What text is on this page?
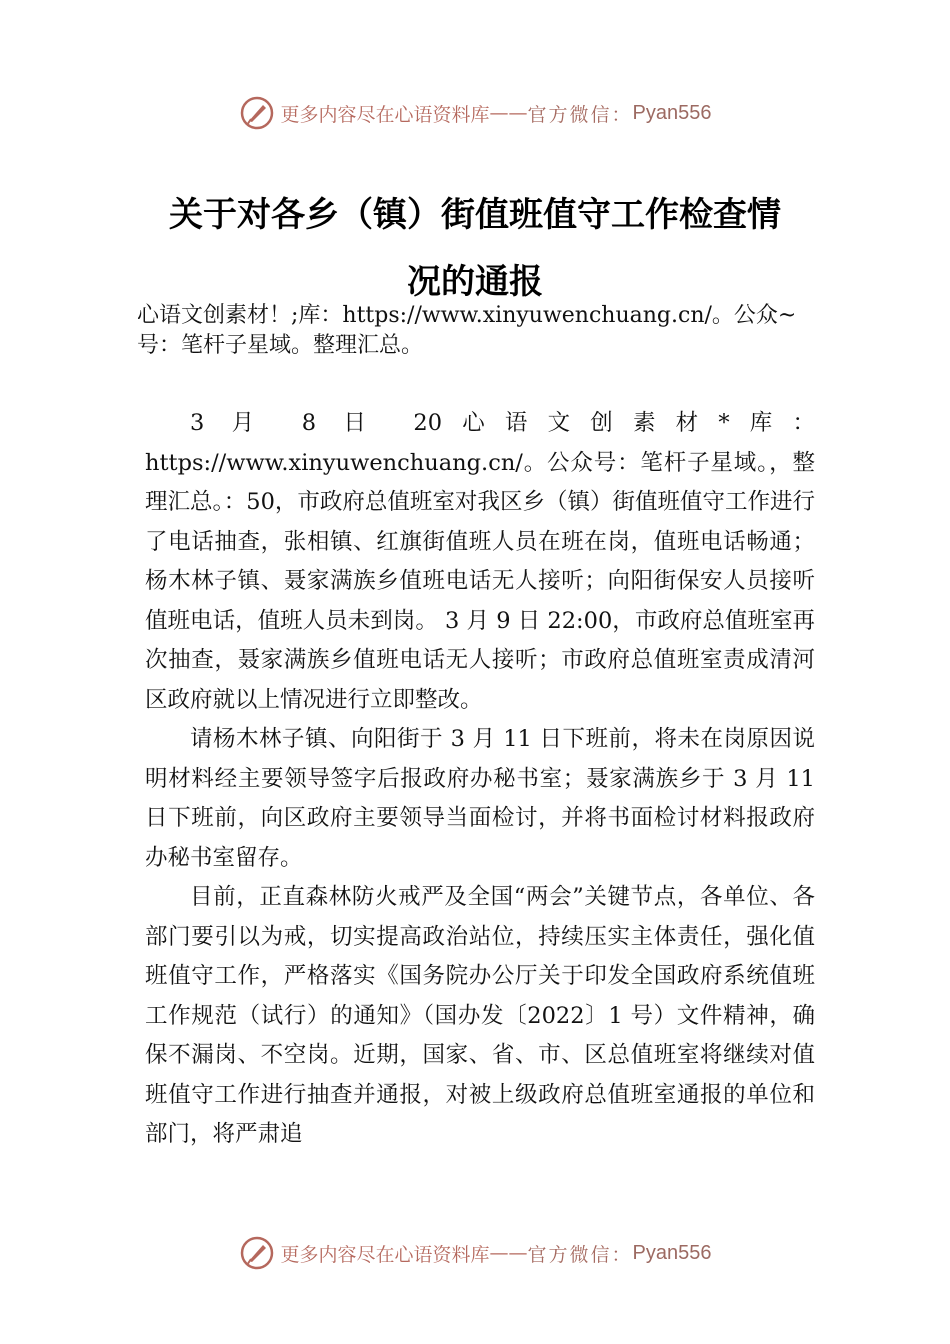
更多内容尽在心语资料库 —— 官方微信： Pyan556
关于对各乡（镇）街值班值守工作检查情
况的通报

心语文创素材！;库：https://www.xinyuwenchuang.cn/。公众~号：笔杆子星域。整理汇总。

3 月 8 日 20心语文创素材*库：https://www.xinyuwenchuang.cn/。公众号：笔杆子星域。，整理汇总。：50，市政府总值班室对我区乡（镇）街值班值守工作进行了电话抽查，张相镇、红旗街值班人员在班在岗，值班电话畅通；杨木林子镇、聂家满族乡值班电话无人接听；向阳街保安人员接听值班电话，值班人员未到岗。 3 月 9 日 22:00，市政府总值班室再次抽查，聂家满族乡值班电话无人接听；市政府总值班室责成清河区政府就以上情况进行立即整改。

请杨木林子镇、向阳街于 3 月 11 日下班前，将未在岗原因说明材料经主要领导签字后报政府办秘书室；聂家满族乡于 3 月 11 日下班前，向区政府主要领导当面检讨，并将书面检讨材料报政府办秘书室留存。

目前，正直森林防火戒严及全国“两会”关键节点，各单位、各部门要引以为戒，切实提高政治站位，持续压实主体责任，强化值班值守工作，严格落实《国务院办公厅关于印发全国政府系统值班工作规范（试行）的通知》（国办发〔2022〕1 号）文件精神，确保不漏岗、不空岗。近期，国家、省、市、区总值班室将继续对值班值守工作进行抽查并通报，对被上级政府总值班室通报的单位和部门，将严肃追

更多内容尽在心语资料库 —— 官方微信： Pyan556
